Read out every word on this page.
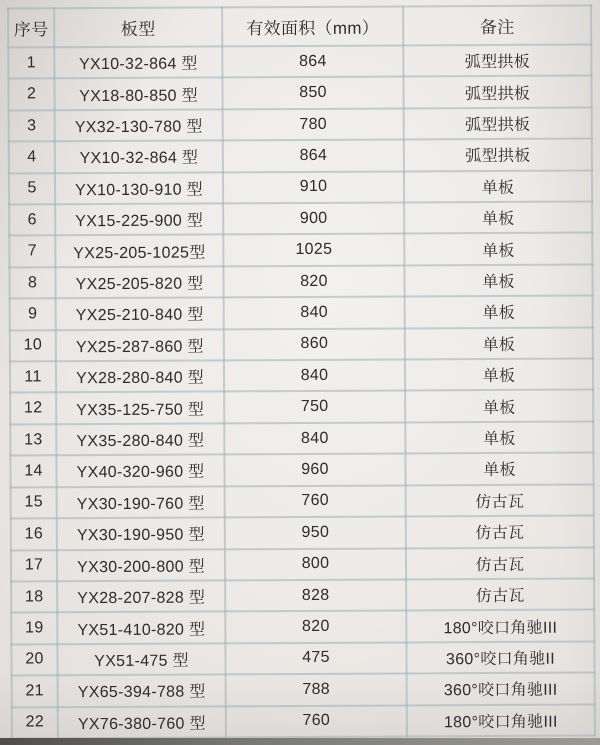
序号	板型	有效面积（mm）	备注
1	YX10-32-864 型	864	弧型拱板
2	YX18-80-850 型	850	弧型拱板
3	YX32-130-780 型	780	弧型拱板
4	YX10-32-864 型	864	弧型拱板
5	YX10-130-910 型	910	单板
6	YX15-225-900 型	900	单板
7	YX25-205-1025型	1025	单板
8	YX25-205-820 型	820	单板
9	YX25-210-840 型	840	单板
10	YX25-287-860 型	860	单板
11	YX28-280-840 型	840	单板
12	YX35-125-750 型	750	单板
13	YX35-280-840 型	840	单板
14	YX40-320-960 型	960	单板
15	YX30-190-760 型	760	仿古瓦
16	YX30-190-950 型	950	仿古瓦
17	YX30-200-800 型	800	仿古瓦
18	YX28-207-828 型	828	仿古瓦
19	YX51-410-820 型	820	180°咬口角驰III
20	YX51-475 型	475	360°咬口角驰II
21	YX65-394-788 型	788	360°咬口角驰III
22	YX76-380-760 型	760	180°咬口角驰III
